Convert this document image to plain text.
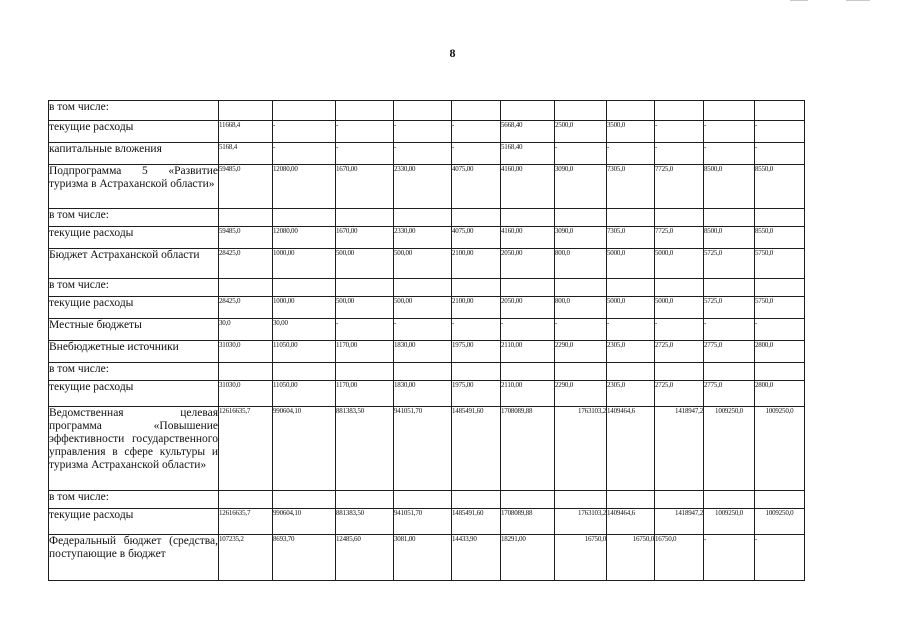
8
в том числе:											
текущие расходы	11668,4	-	-	-	-	5668,40	2500,0	3500,0	-	-	-
капитальные вложения	5168,4	-	-	-	-	5168,40	-	-	-	-	-
Подпрограмма 5 «Развитие туризма в Астраханской области»	59485,0	12080,00	1670,00	2330,00	4075,00	4160,00	3090,0	7305,0	7725,0	8500,0	8550,0
в том числе:											
текущие расходы	59485,0	12080,00	1670,00	2330,00	4075,00	4160,00	3090,0	7305,0	7725,0	8500,0	8550,0
Бюджет Астраханской области	28425,0	1000,00	500,00	500,00	2100,00	2050,00	800,0	5000,0	5000,0	5725,0	5750,0
в том числе:											
текущие расходы	28425,0	1000,00	500,00	500,00	2100,00	2050,00	800,0	5000,0	5000,0	5725,0	5750,0
Местные бюджеты	30,0	30,00	-	-	-	-	-	-	-	-	-
Внебюджетные источники	31030,0	11050,00	1170,00	1830,00	1975,00	2110,00	2290,0	2305,0	2725,0	2775,0	2800,0
в том числе:											
текущие расходы	31030,0	11050,00	1170,00	1830,00	1975,00	2110,00	2290,0	2305,0	2725,0	2775,0	2800,0
Ведомственная целевая программа «Повышение эффективности государственного управления в сфере культуры и туризма Астраханской области»	12616635,7	990604,10	881383,50	941051,70	1485491,60	1708089,88	1763103,2	1409464,6	1418947,2	1009250,0	1009250,0
в том числе:											
текущие расходы	12616635,7	990604,10	881383,50	941051,70	1485491,60	1708089,88	1763103,2	1409464,6	1418947,2	1009250,0	1009250,0
Федеральный бюджет (средства, поступающие в бюджет	107235,2	8693,70	12485,60	3081,00	14433,90	18291,00	16750,0	16750,0	16750,0	-	-
